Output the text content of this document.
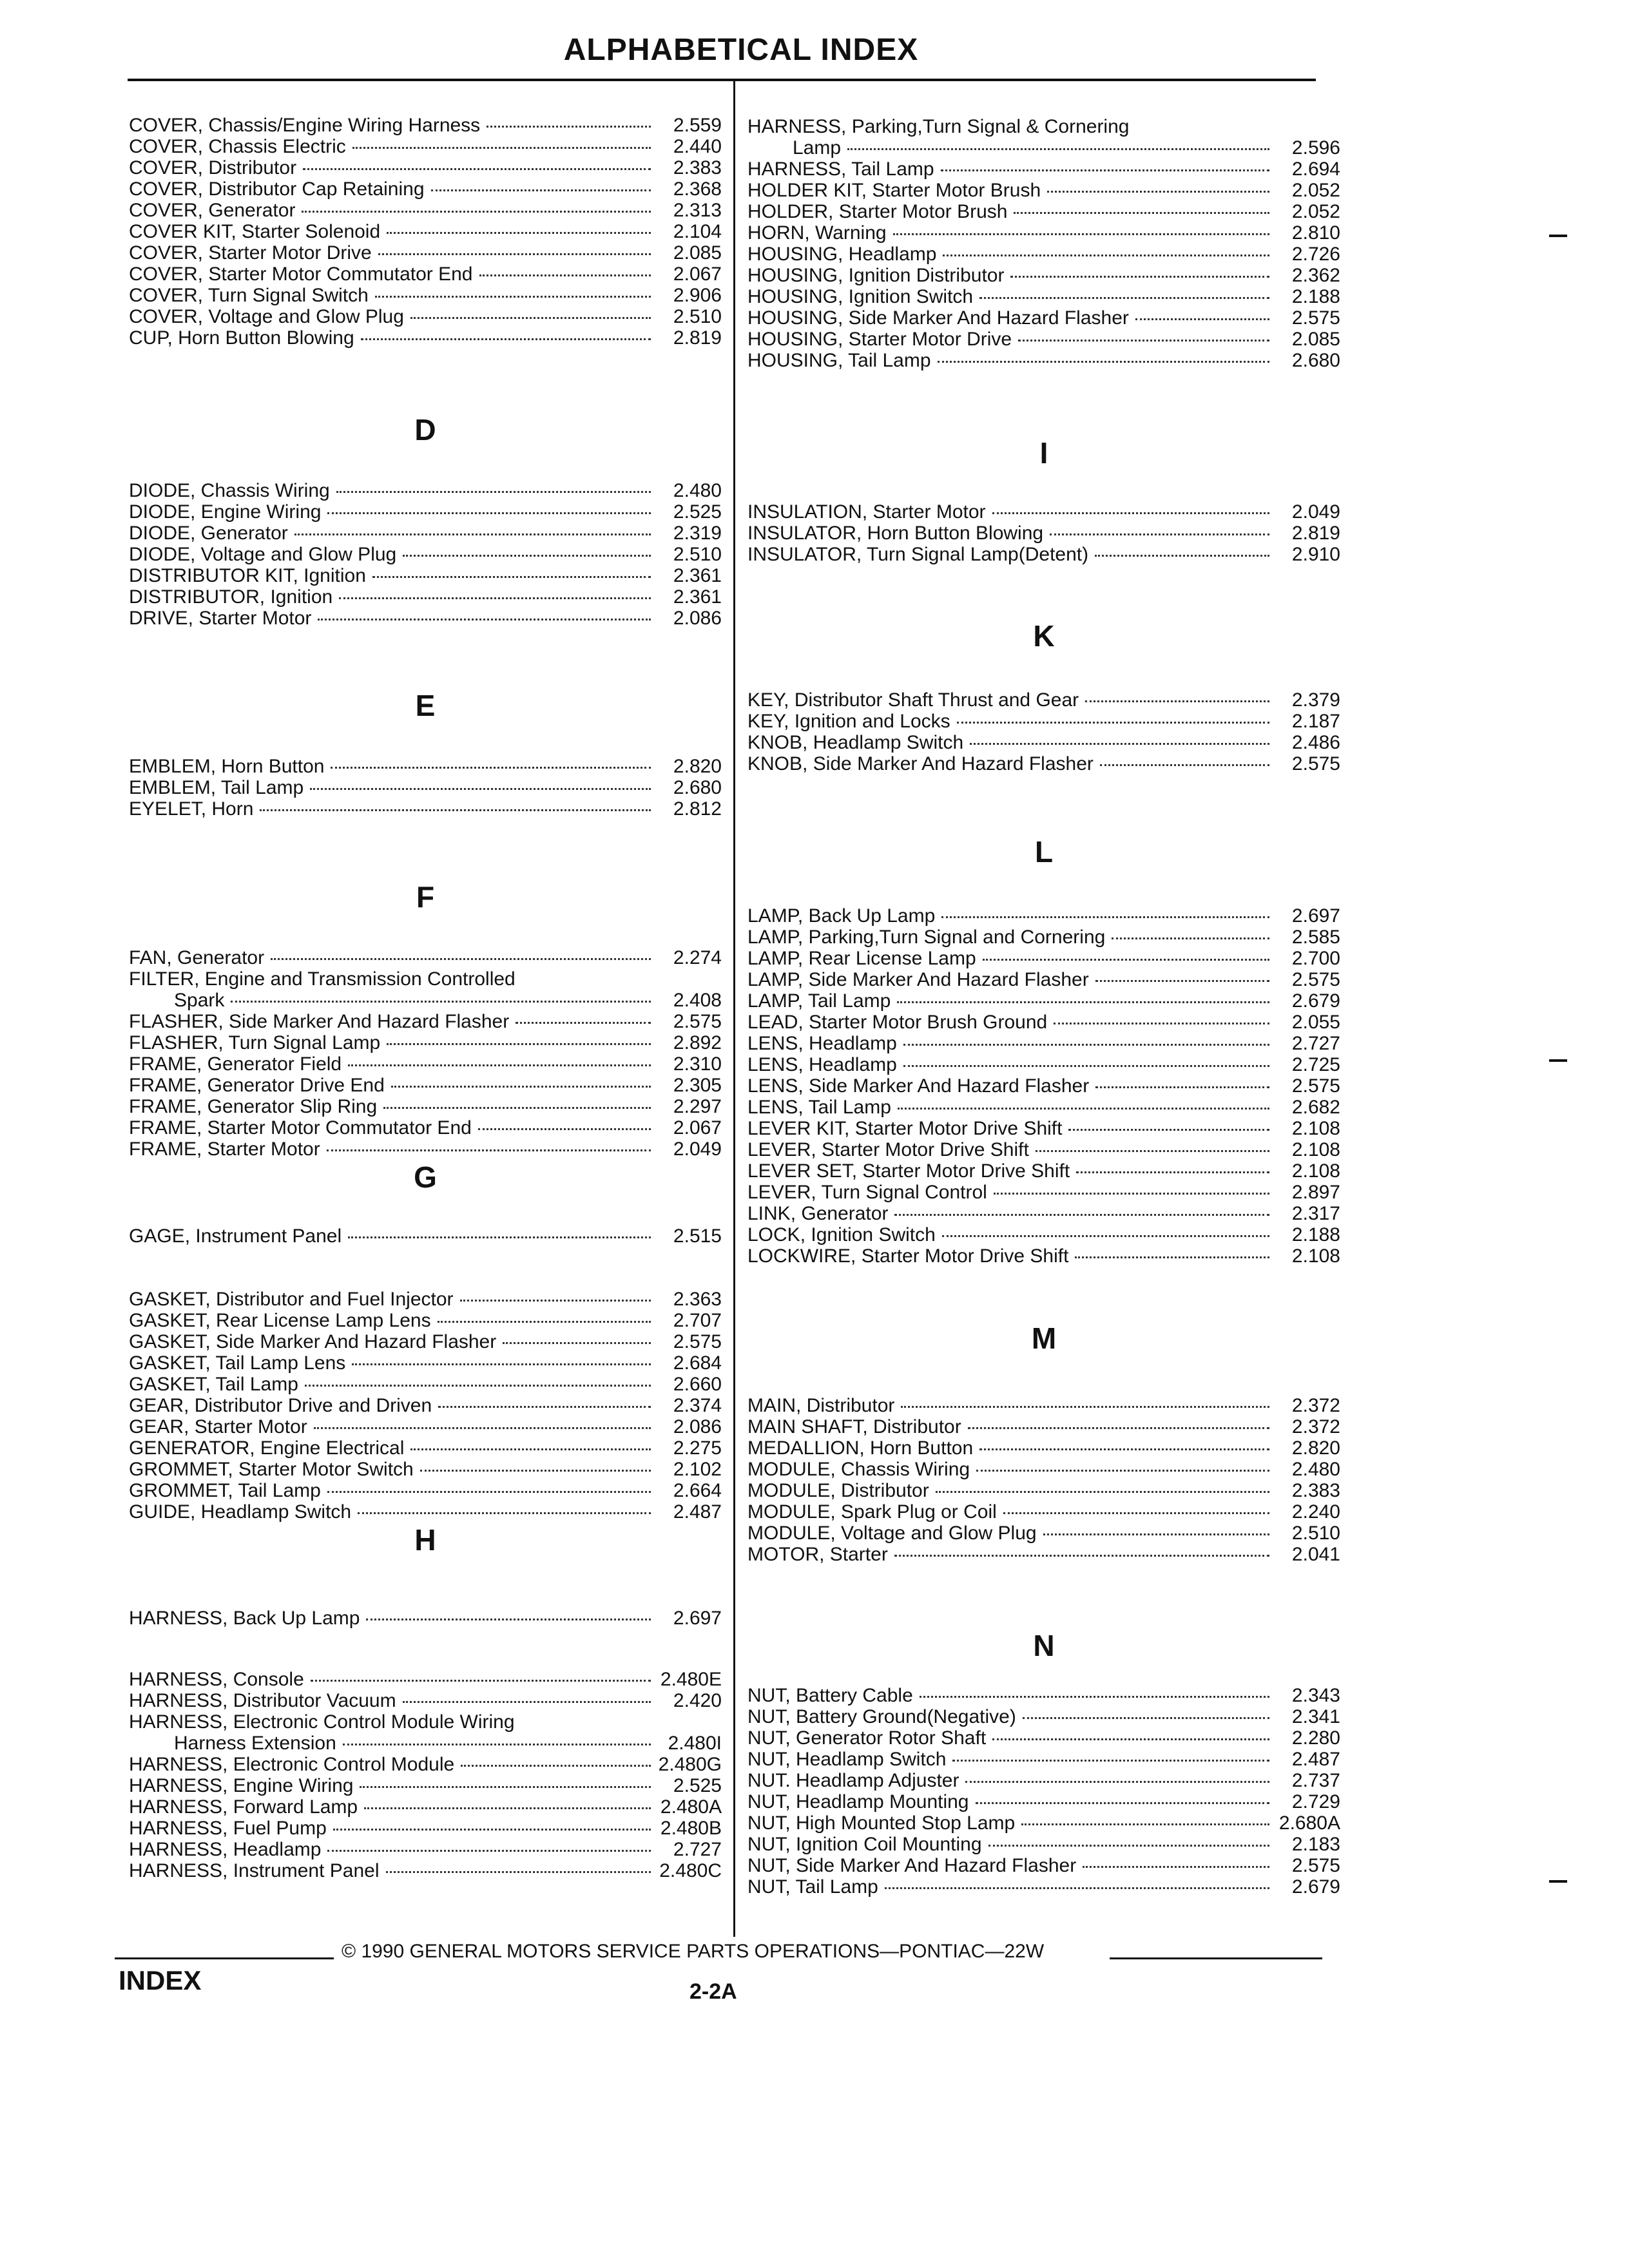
ALPHABETICAL INDEX
COVER, Chassis/Engine Wiring Harness	2.559
COVER, Chassis Electric	2.440
COVER, Distributor	2.383
COVER, Distributor Cap Retaining	2.368
COVER, Generator	2.313
COVER KIT, Starter Solenoid	2.104
COVER, Starter Motor Drive	2.085
COVER, Starter Motor Commutator End	2.067
COVER, Turn Signal Switch	2.906
COVER, Voltage and Glow Plug	2.510
CUP, Horn Button Blowing	2.819
D
DIODE, Chassis Wiring	2.480
DIODE, Engine Wiring	2.525
DIODE, Generator	2.319
DIODE, Voltage and Glow Plug	2.510
DISTRIBUTOR KIT, Ignition	2.361
DISTRIBUTOR, Ignition	2.361
DRIVE, Starter Motor	2.086
E
EMBLEM, Horn Button	2.820
EMBLEM, Tail Lamp	2.680
EYELET, Horn	2.812
F
FAN, Generator	2.274
FILTER, Engine and Transmission Controlled
Spark	2.408
FLASHER, Side Marker And Hazard Flasher	2.575
FLASHER, Turn Signal Lamp	2.892
FRAME, Generator Field	2.310
FRAME, Generator Drive End	2.305
FRAME, Generator Slip Ring	2.297
FRAME, Starter Motor Commutator End	2.067
FRAME, Starter Motor	2.049
G
GAGE, Instrument Panel	2.515
GASKET, Distributor and Fuel Injector	2.363
GASKET, Rear License Lamp Lens	2.707
GASKET, Side Marker And Hazard Flasher	2.575
GASKET, Tail Lamp Lens	2.684
GASKET, Tail Lamp	2.660
GEAR, Distributor Drive and Driven	2.374
GEAR, Starter Motor	2.086
GENERATOR, Engine Electrical	2.275
GROMMET, Starter Motor Switch	2.102
GROMMET, Tail Lamp	2.664
GUIDE, Headlamp Switch	2.487
H
HARNESS, Back Up Lamp	2.697
HARNESS, Console	2.480E
HARNESS, Distributor Vacuum	2.420
HARNESS, Electronic Control Module Wiring
Harness Extension	2.480I
HARNESS, Electronic Control Module	2.480G
HARNESS, Engine Wiring	2.525
HARNESS, Forward Lamp	2.480A
HARNESS, Fuel Pump	2.480B
HARNESS, Headlamp	2.727
HARNESS, Instrument Panel	2.480C
HARNESS, Parking,Turn Signal & Cornering
Lamp	2.596
HARNESS, Tail Lamp	2.694
HOLDER KIT, Starter Motor Brush	2.052
HOLDER, Starter Motor Brush	2.052
HORN, Warning	2.810
HOUSING, Headlamp	2.726
HOUSING, Ignition Distributor	2.362
HOUSING, Ignition Switch	2.188
HOUSING, Side Marker And Hazard Flasher	2.575
HOUSING, Starter Motor Drive	2.085
HOUSING, Tail Lamp	2.680
I
INSULATION, Starter Motor	2.049
INSULATOR, Horn Button Blowing	2.819
INSULATOR, Turn Signal Lamp(Detent)	2.910
K
KEY, Distributor Shaft Thrust and Gear	2.379
KEY, Ignition and Locks	2.187
KNOB, Headlamp Switch	2.486
KNOB, Side Marker And Hazard Flasher	2.575
L
LAMP, Back Up Lamp	2.697
LAMP, Parking,Turn Signal and Cornering	2.585
LAMP, Rear License Lamp	2.700
LAMP, Side Marker And Hazard Flasher	2.575
LAMP, Tail Lamp	2.679
LEAD, Starter Motor Brush Ground	2.055
LENS, Headlamp	2.727
LENS, Headlamp	2.725
LENS, Side Marker And Hazard Flasher	2.575
LENS, Tail Lamp	2.682
LEVER KIT, Starter Motor Drive Shift	2.108
LEVER, Starter Motor Drive Shift	2.108
LEVER SET, Starter Motor Drive Shift	2.108
LEVER, Turn Signal Control	2.897
LINK, Generator	2.317
LOCK, Ignition Switch	2.188
LOCKWIRE, Starter Motor Drive Shift	2.108
M
MAIN, Distributor	2.372
MAIN SHAFT, Distributor	2.372
MEDALLION, Horn Button	2.820
MODULE, Chassis Wiring	2.480
MODULE, Distributor	2.383
MODULE, Spark Plug or Coil	2.240
MODULE, Voltage and Glow Plug	2.510
MOTOR, Starter	2.041
N
NUT, Battery Cable	2.343
NUT, Battery Ground(Negative)	2.341
NUT, Generator Rotor Shaft	2.280
NUT, Headlamp Switch	2.487
NUT. Headlamp Adjuster	2.737
NUT, Headlamp Mounting	2.729
NUT, High Mounted Stop Lamp	2.680A
NUT, Ignition Coil Mounting	2.183
NUT, Side Marker And Hazard Flasher	2.575
NUT, Tail Lamp	2.679
© 1990 GENERAL MOTORS SERVICE PARTS OPERATIONS—PONTIAC—22W
INDEX	2-2A
